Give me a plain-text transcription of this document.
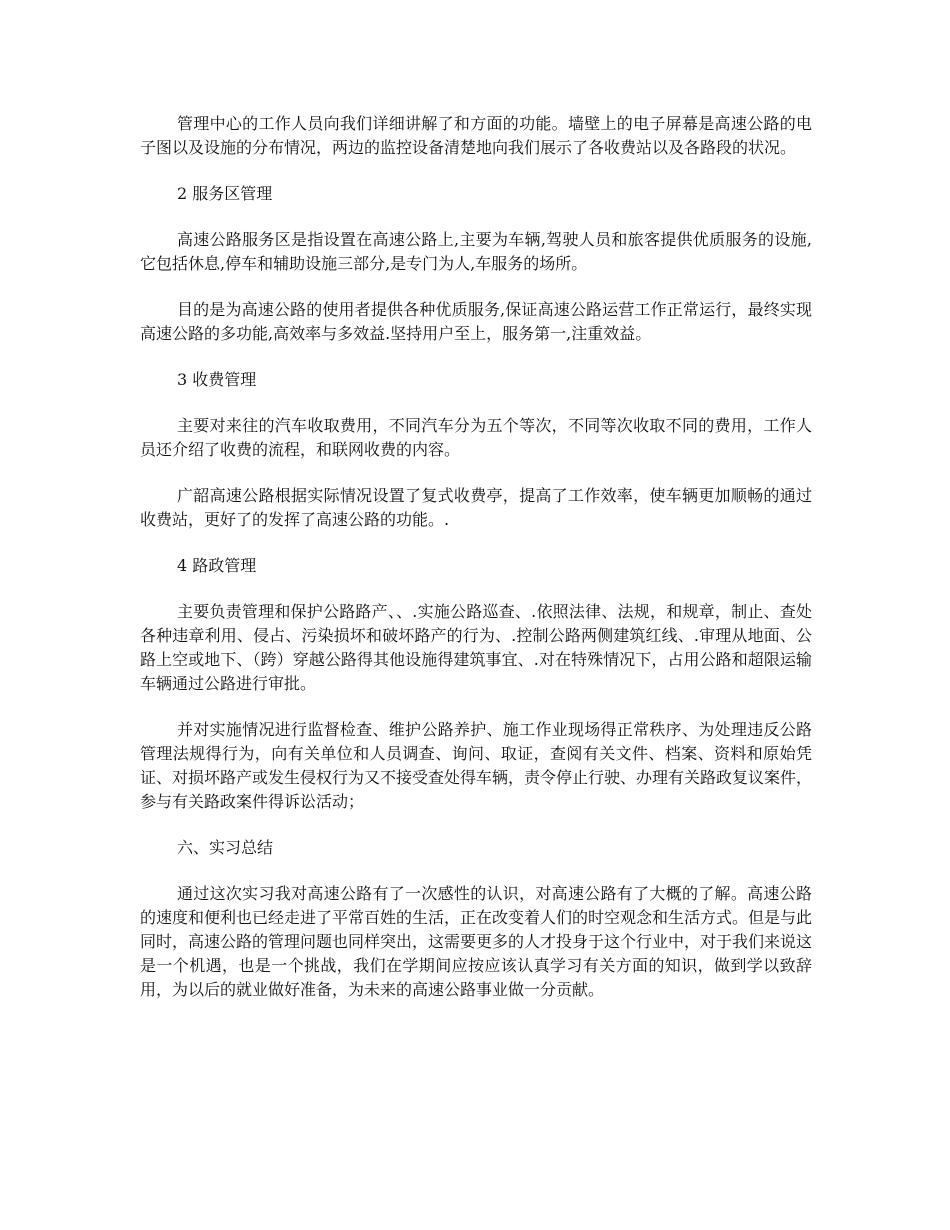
管理中心的工作人员向我们详细讲解了和方面的功能。墙壁上的电子屏幕是高速公路的电子图以及设施的分布情况，两边的监控设备清楚地向我们展示了各收费站以及各路段的状况。

2 服务区管理

高速公路服务区是指设置在高速公路上,主要为车辆,驾驶人员和旅客提供优质服务的设施,它包括休息,停车和辅助设施三部分,是专门为人,车服务的场所。

目的是为高速公路的使用者提供各种优质服务,保证高速公路运营工作正常运行，最终实现高速公路的多功能,高效率与多效益.坚持用户至上，服务第一,注重效益。

3 收费管理

主要对来往的汽车收取费用，不同汽车分为五个等次，不同等次收取不同的费用，工作人员还介绍了收费的流程，和联网收费的内容。

广韶高速公路根据实际情况设置了复式收费亭，提高了工作效率，使车辆更加顺畅的通过收费站，更好了的发挥了高速公路的功能。.

4 路政管理

主要负责管理和保护公路路产、、.实施公路巡查、.依照法律、法规，和规章，制止、查处各种违章利用、侵占、污染损坏和破坏路产的行为、.控制公路两侧建筑红线、.审理从地面、公路上空或地下、（跨）穿越公路得其他设施得建筑事宜、.对在特殊情况下，占用公路和超限运输车辆通过公路进行审批。

并对实施情况进行监督检查、维护公路养护、施工作业现场得正常秩序、为处理违反公路管理法规得行为，向有关单位和人员调查、询问、取证，查阅有关文件、档案、资料和原始凭证、对损坏路产或发生侵权行为又不接受查处得车辆，责令停止行驶、办理有关路政复议案件，参与有关路政案件得诉讼活动；

六、实习总结

通过这次实习我对高速公路有了一次感性的认识，对高速公路有了大概的了解。高速公路的速度和便利也已经走进了平常百姓的生活，正在改变着人们的时空观念和生活方式。但是与此同时，高速公路的管理问题也同样突出，这需要更多的人才投身于这个行业中，对于我们来说这是一个机遇，也是一个挑战，我们在学期间应按应该认真学习有关方面的知识，做到学以致辞用，为以后的就业做好准备，为未来的高速公路事业做一分贡献。
